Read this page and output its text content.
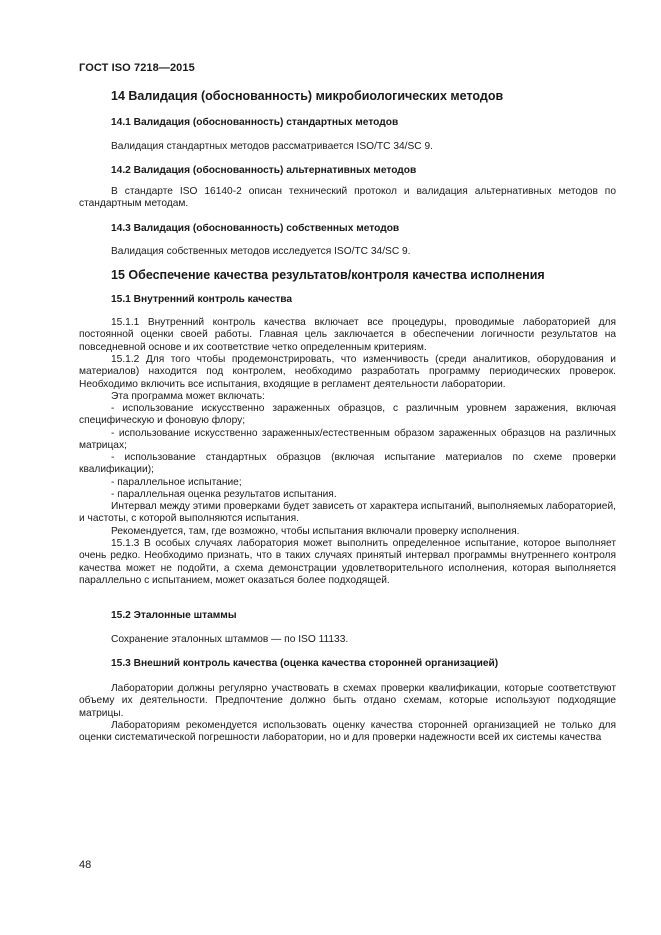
ГОСТ ISO 7218—2015
14 Валидация (обоснованность) микробиологических методов
14.1 Валидация (обоснованность) стандартных методов
Валидация стандартных методов рассматривается ISO/TC 34/SC 9.
14.2 Валидация (обоснованность) альтернативных методов

В стандарте ISO 16140-2 описан технический протокол и валидация альтернативных методов по стандартным методам.

14.3 Валидация (обоснованность) собственных методов
Валидация собственных методов исследуется ISO/TC 34/SC 9.
15 Обеспечение качества результатов/контроля качества исполнения
15.1 Внутренний контроль качества

15.1.1 Внутренний контроль качества включает все процедуры, проводимые лабораторией для постоянной оценки своей работы. Главная цель заключается в обеспечении логичности результатов на повседневной основе и их соответствие четко определенным критериям.

15.1.2 Для того чтобы продемонстрировать, что изменчивость (среди аналитиков, оборудования и материалов) находится под контролем, необходимо разработать программу периодических проверок. Необходимо включить все испытания, входящие в регламент деятельности лаборатории.

Эта программа может включать:

- использование искусственно зараженных образцов, с различным уровнем заражения, включая специфическую и фоновую флору;

- использование искусственно зараженных/естественным образом зараженных образцов на различных матрицах;

- использование стандартных образцов (включая испытание материалов по схеме проверки квалификации);

- параллельное испытание;

- параллельная оценка результатов испытания.

Интервал между этими проверками будет зависеть от характера испытаний, выполняемых лабораторией, и частоты, с которой выполняются испытания.

Рекомендуется, там, где возможно, чтобы испытания включали проверку исполнения.

15.1.3 В особых случаях лаборатория может выполнить определенное испытание, которое выполняет очень редко. Необходимо признать, что в таких случаях принятый интервал программы внутреннего контроля качества может не подойти, а схема демонстрации удовлетворительного исполнения, которая выполняется параллельно с испытанием, может оказаться более подходящей.

15.2 Эталонные штаммы
Сохранение эталонных штаммов — по ISO 11133.
15.3 Внешний контроль качества (оценка качества сторонней организацией)

Лаборатории должны регулярно участвовать в схемах проверки квалификации, которые соответствуют объему их деятельности. Предпочтение должно быть отдано схемам, которые используют подходящие матрицы.

Лабораториям рекомендуется использовать оценку качества сторонней организацией не только для оценки систематической погрешности лаборатории, но и для проверки надежности всей их системы качества

48
